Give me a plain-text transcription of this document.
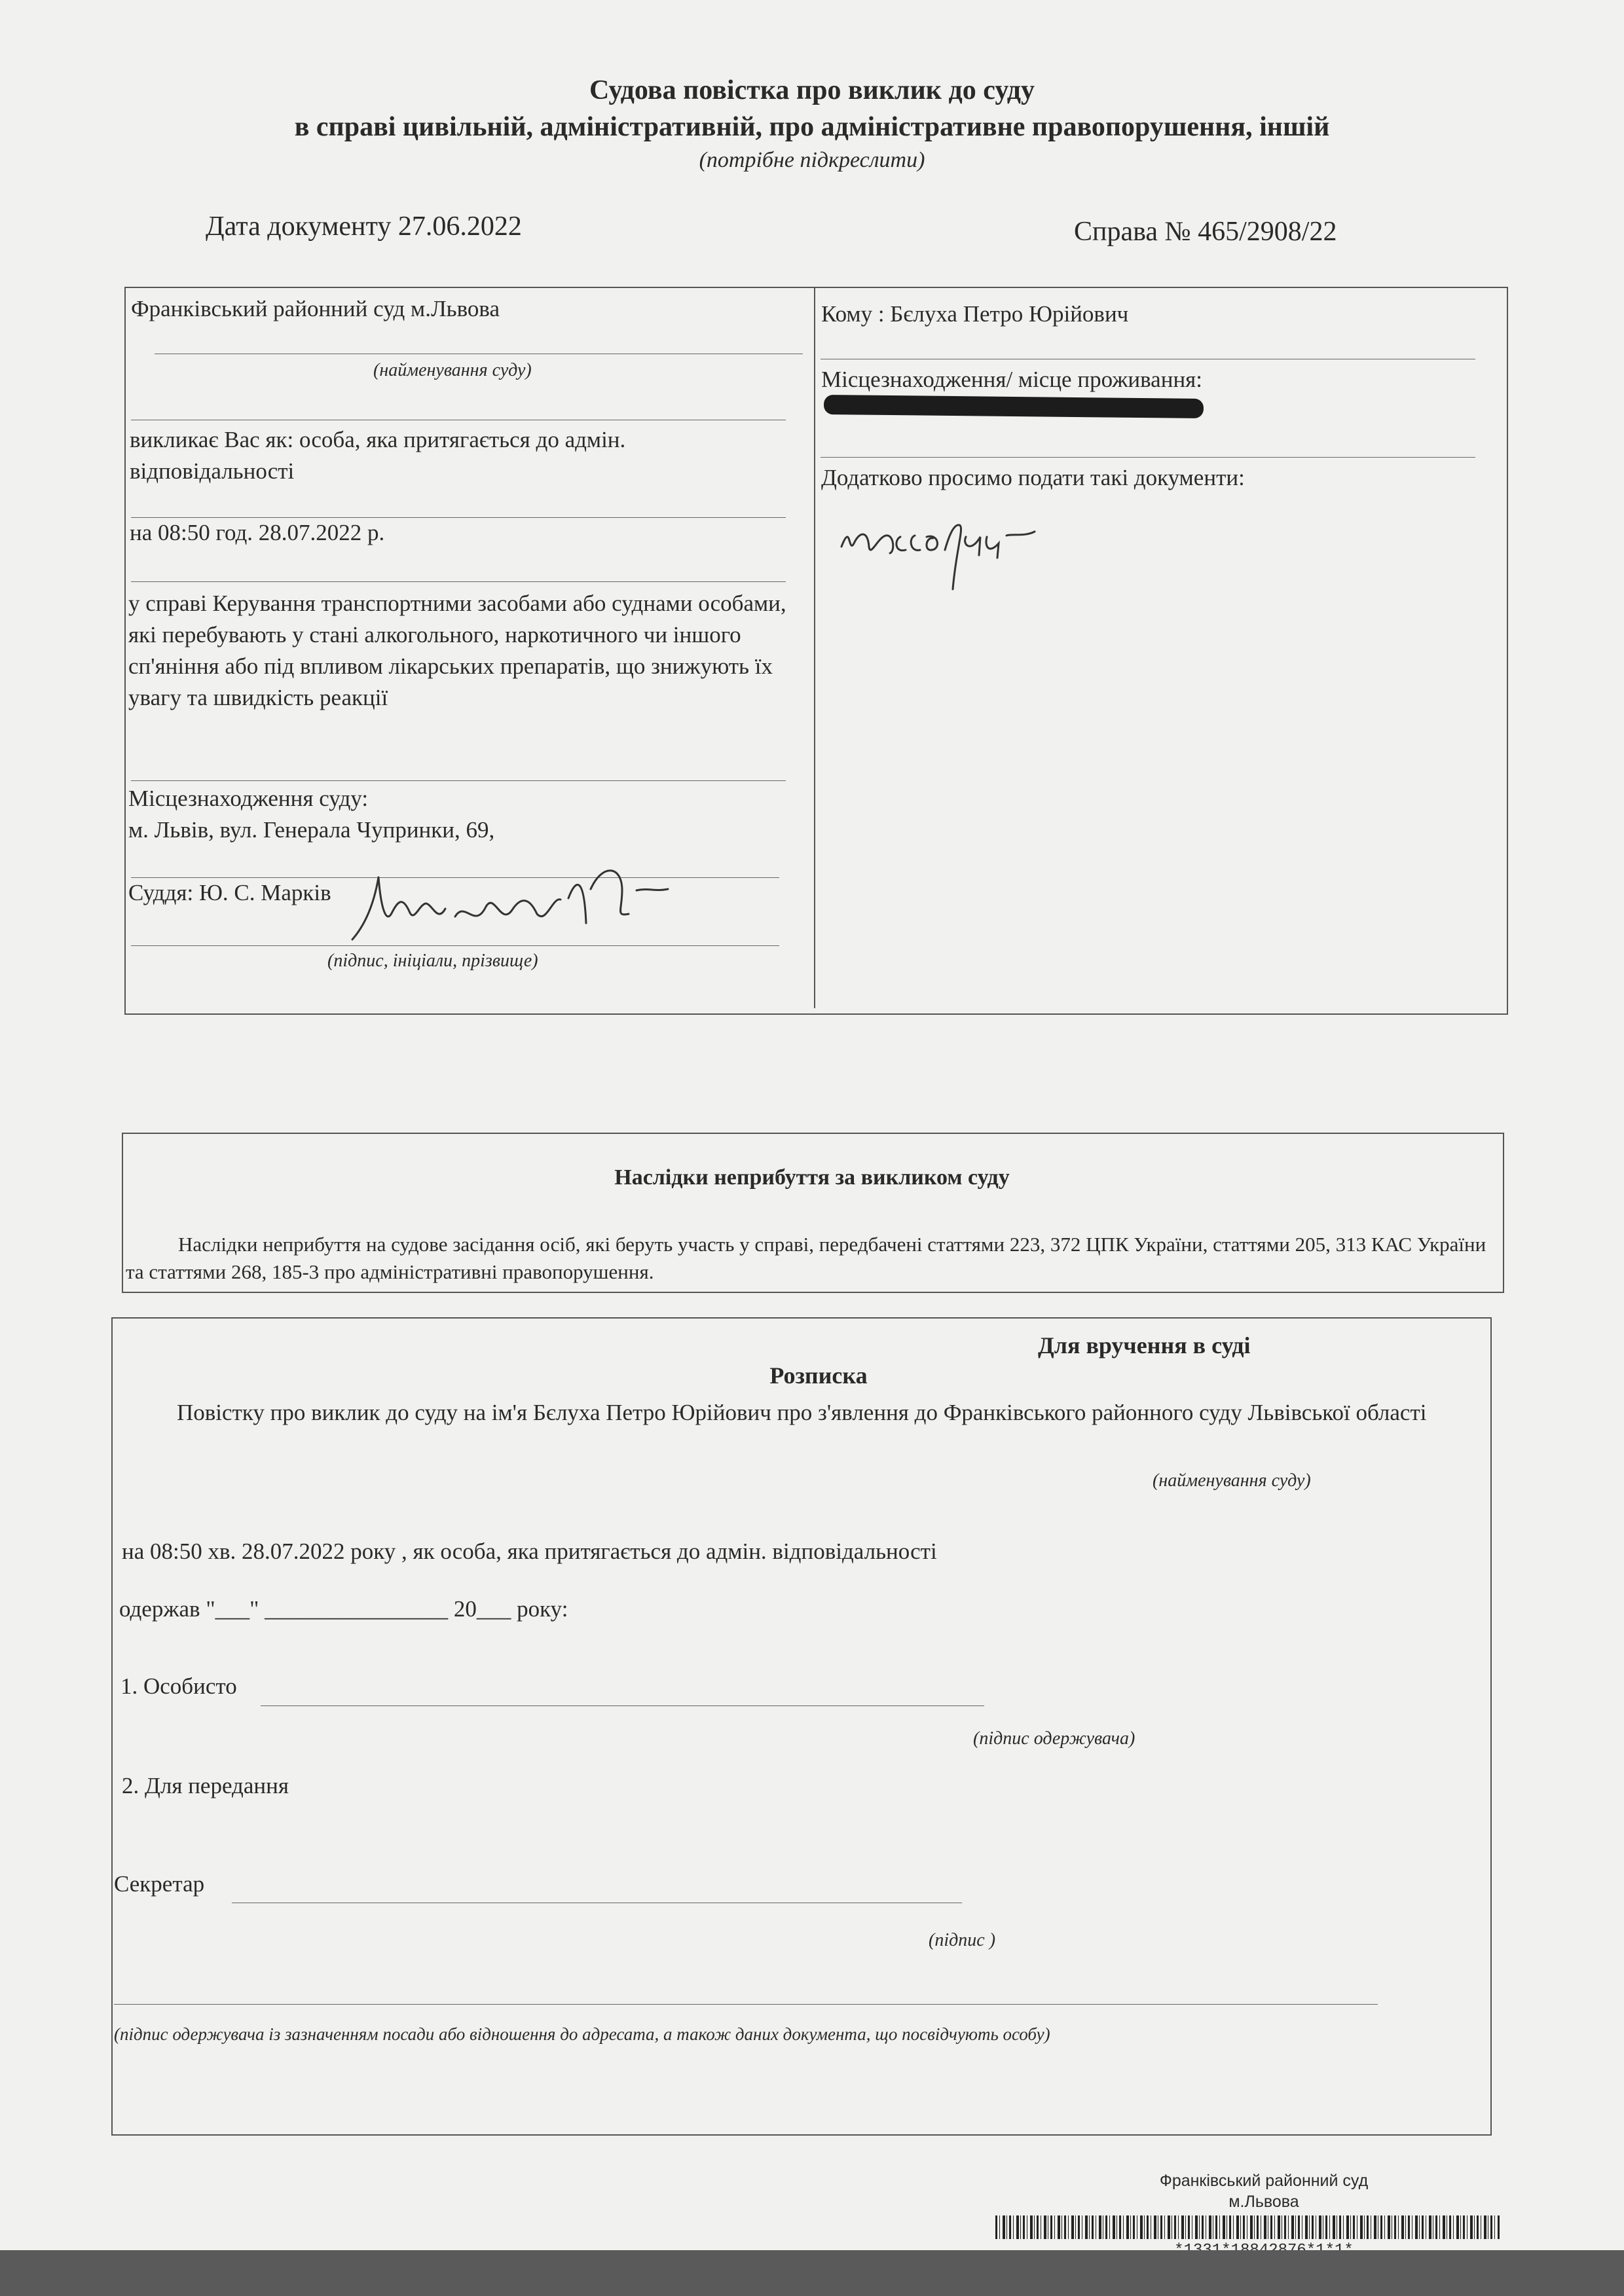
Судова повістка про виклик до суду
в справі цивільній, адміністративній, про адміністративне правопорушення, іншій
(потрібне підкреслити)
Дата документу 27.06.2022	Справа № 465/2908/22
Франківський районний суд м.Львова
(найменування суду)
викликає Вас як: особа, яка притягається до адмін. відповідальності
на 08:50 год. 28.07.2022 р.
у справі Керування транспортними засобами або суднами особами, які перебувають у стані алкогольного, наркотичного чи іншого сп'яніння або під впливом лікарських препаратів, що знижують їх увагу та швидкість реакції
Місцезнаходження суду:
м. Львів, вул. Генерала Чупринки, 69,
Суддя: Ю. С. Марків
(підпис, ініціали, прізвище)
Кому : Бєлуха Петро Юрійович
Місцезнаходження/ місце проживання:
Додатково просимо подати такі документи:
Наслідки неприбуття за викликом суду
Наслідки неприбуття на судове засідання осіб, які беруть участь у справі, передбачені статтями 223, 372 ЦПК України, статтями 205, 313 КАС України та статтями 268, 185-3 про адміністративні правопорушення.
Для вручення в суді
Розписка
Повістку про виклик до суду на ім'я Бєлуха Петро Юрійович про з'явлення до Франківського районного суду Львівської області
(найменування суду)
на 08:50 хв. 28.07.2022 року , як особа, яка притягається до адмін. відповідальності
одержав "___" ________________ 20___ року:
1. Особисто
(підпис одержувача)
2. Для передання
Секретар
(підпис )
(підпис одержувача із зазначенням посади або відношення до адресата, а також даних документа, що посвідчують особу)
Франківський районний суд
м.Львова
